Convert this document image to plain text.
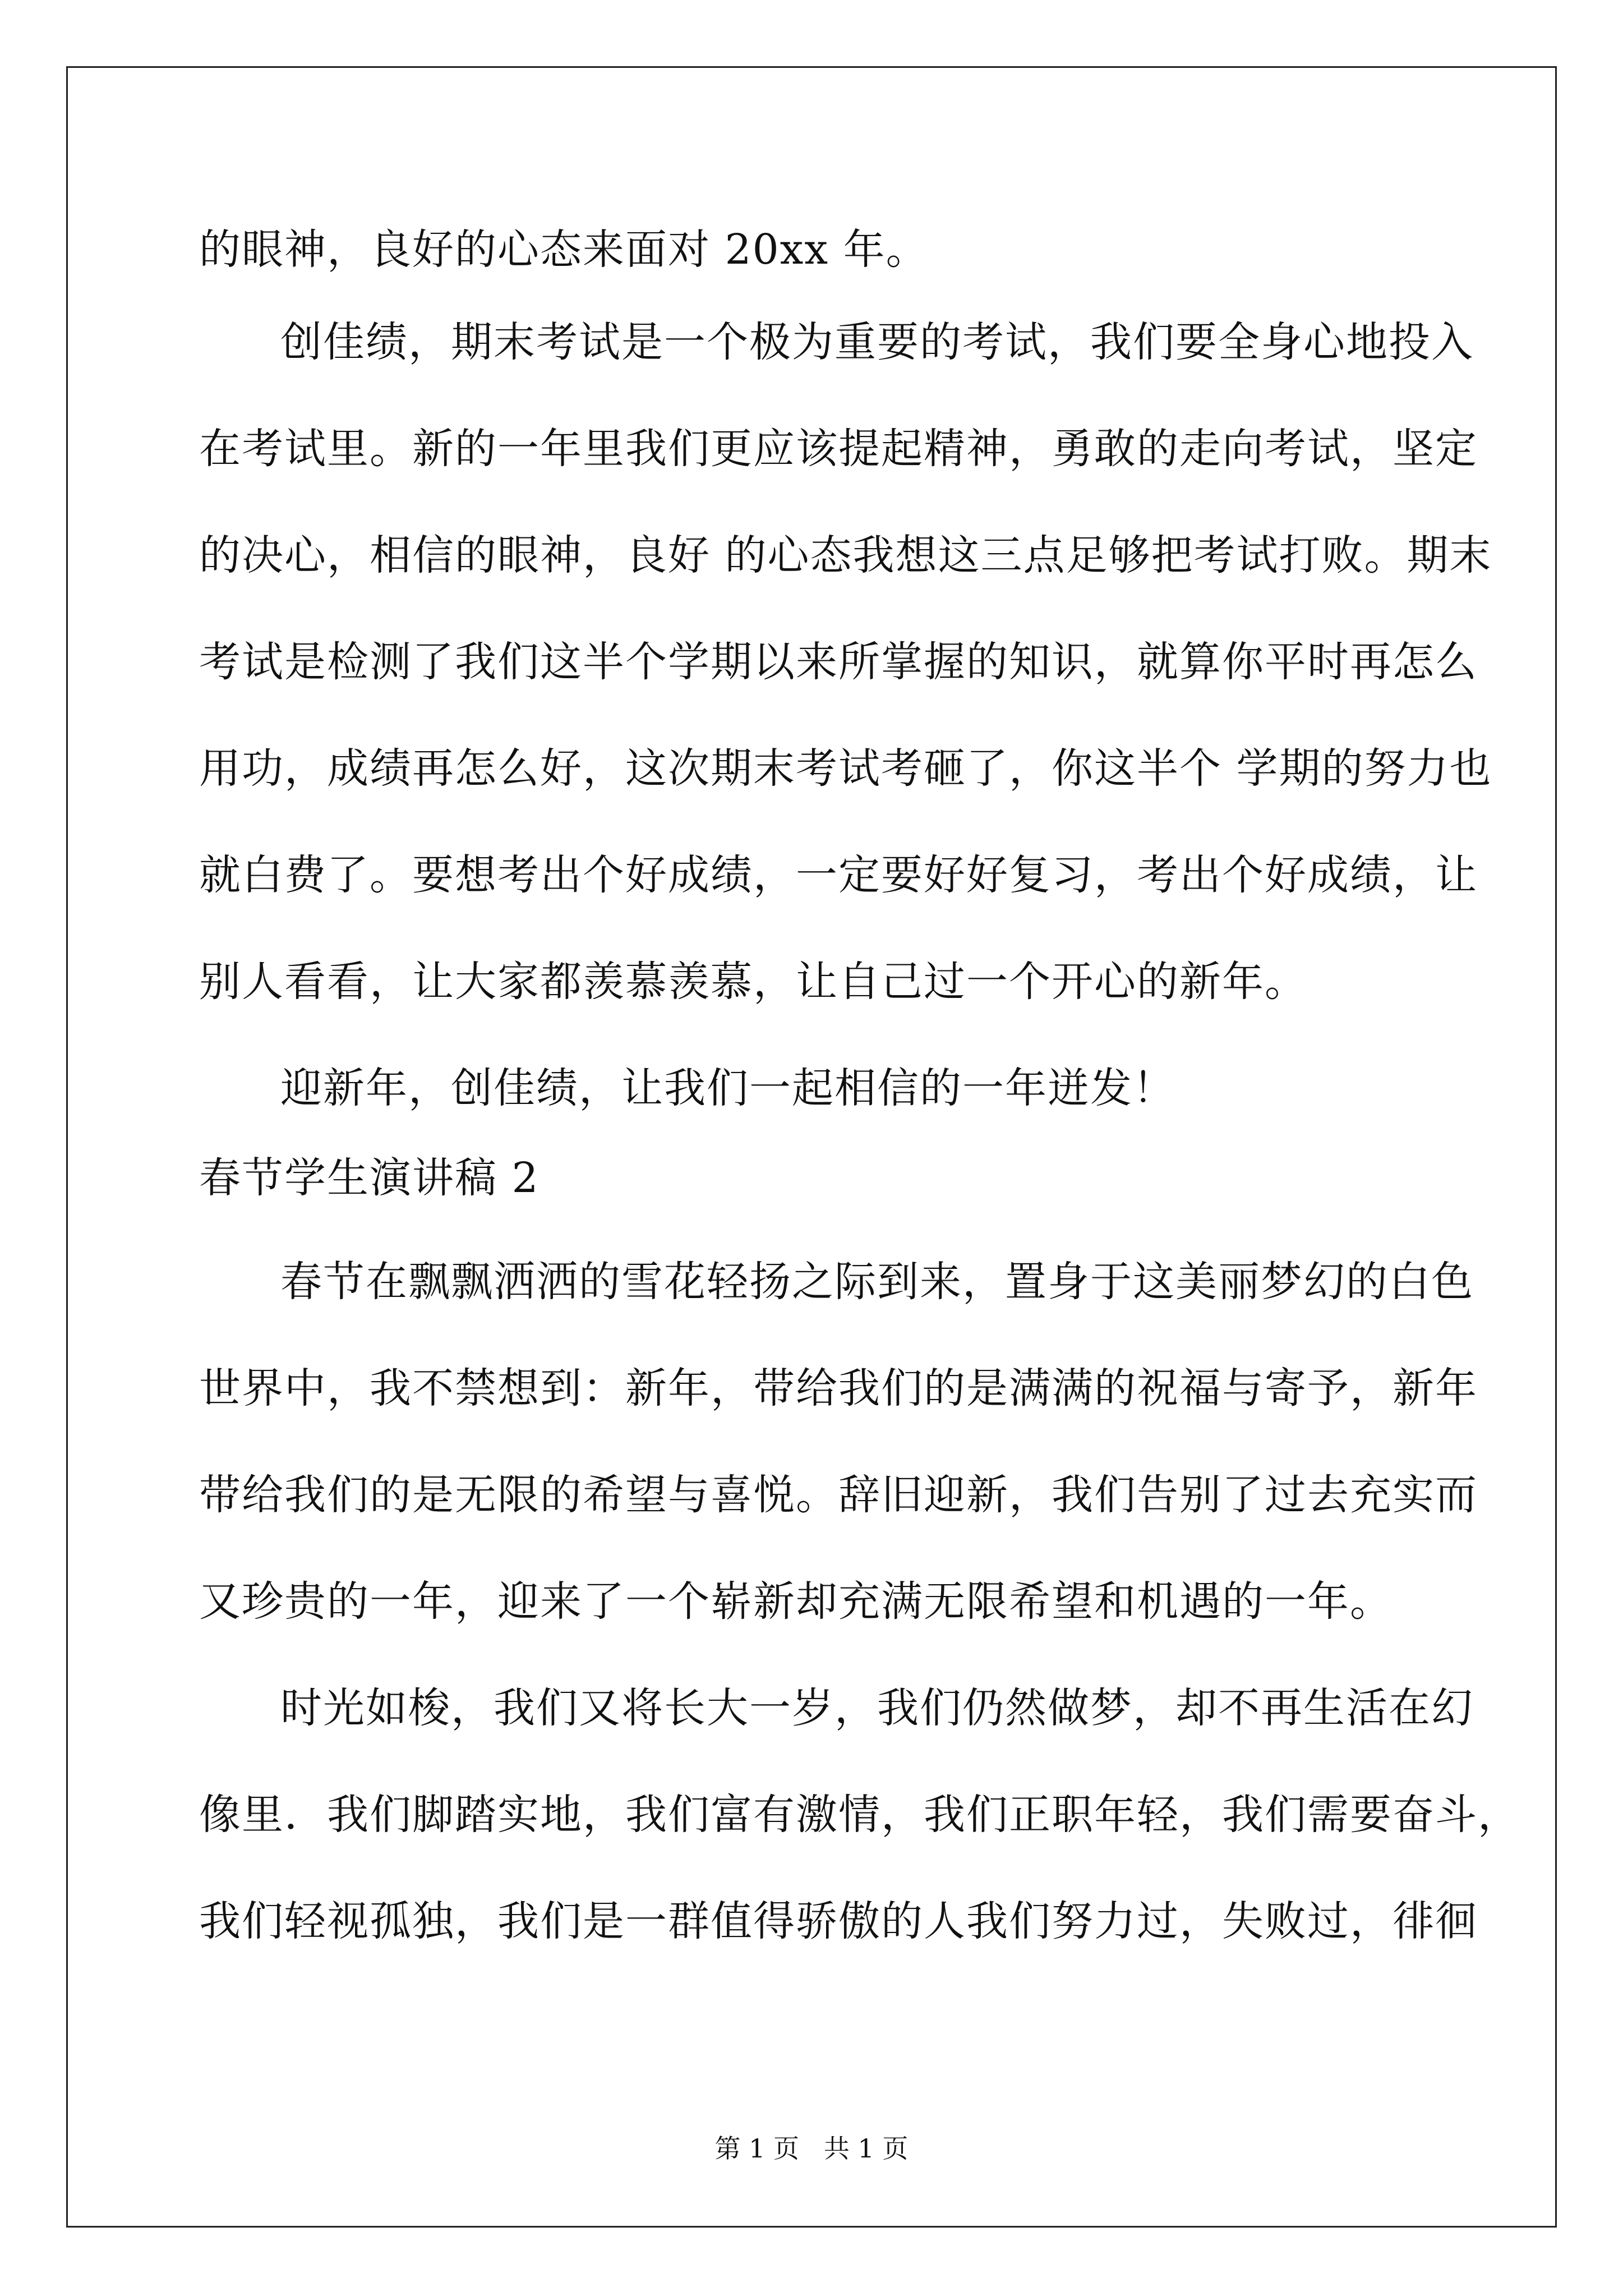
的眼神，良好的心态来面对 20xx 年。
创佳绩，期末考试是一个极为重要的考试，我们要全身心地投入
在考试里。新的一年里我们更应该提起精神，勇敢的走向考试，坚定
的决心，相信的眼神，良好 的心态我想这三点足够把考试打败。期末
考试是检测了我们这半个学期以来所掌握的知识，就算你平时再怎么
用功，成绩再怎么好，这次期末考试考砸了，你这半个 学期的努力也
就白费了。要想考出个好成绩，一定要好好复习，考出个好成绩，让
别人看看，让大家都羡慕羡慕，让自己过一个开心的新年。
迎新年，创佳绩，让我们一起相信的一年迸发！
春节学生演讲稿 2
春节在飘飘洒洒的雪花轻扬之际到来，置身于这美丽梦幻的白色
世界中，我不禁想到：新年，带给我们的是满满的祝福与寄予，新年
带给我们的是无限的希望与喜悦。辞旧迎新，我们告别了过去充实而
又珍贵的一年，迎来了一个崭新却充满无限希望和机遇的一年。
时光如梭，我们又将长大一岁，我们仍然做梦，却不再生活在幻
像里．我们脚踏实地，我们富有激情，我们正职年轻，我们需要奋斗，
我们轻视孤独，我们是一群值得骄傲的人我们努力过，失败过，徘徊
第 1 页   共 1 页
